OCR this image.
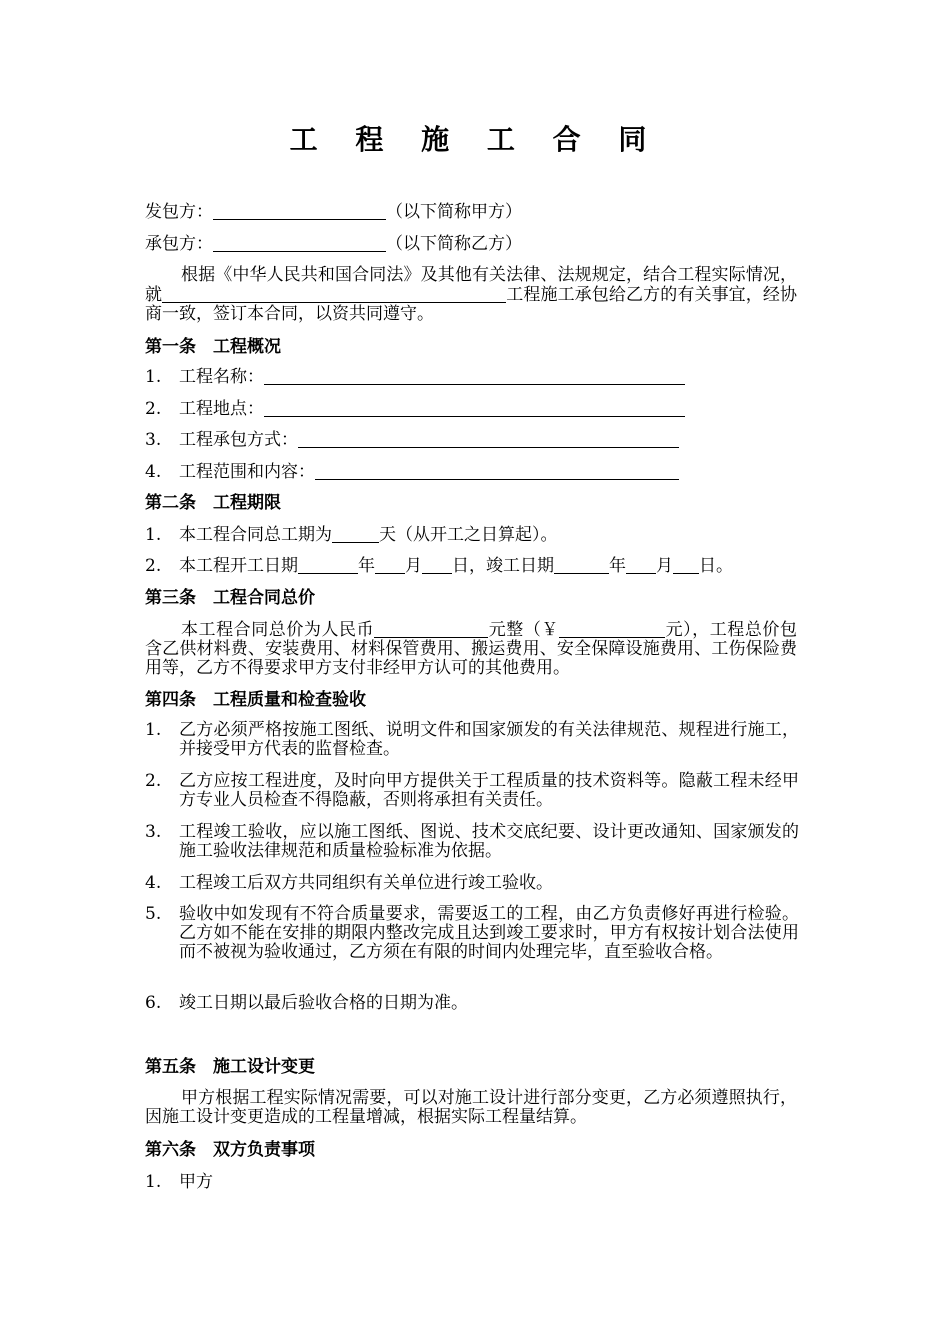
工 程 施 工 合 同
发包方：	（以下简称甲方）
承包方：	（以下简称乙方）
根据《中华人民共和国合同法》及其他有关法律、法规规定，结合工程实际情况，就	工程施工承包给乙方的有关事宜，经协商一致，签订本合同，以资共同遵守。
第一条　工程概况
1. 工程名称：
2. 工程地点：
3. 工程承包方式：
4. 工程范围和内容：
第二条　工程期限
1. 本工程合同总工期为	天（从开工之日算起）。
2. 本工程开工日期	年 月 日，竣工日期	年 月 日。
第三条　工程合同总价
本工程合同总价为人民币	元整（￥	元），工程总价包含乙供材料费、安装费用、材料保管费用、搬运费用、安全保障设施费用、工伤保险费用等，乙方不得要求甲方支付非经甲方认可的其他费用。
第四条　工程质量和检查验收
1. 乙方必须严格按施工图纸、说明文件和国家颁发的有关法律规范、规程进行施工，并接受甲方代表的监督检查。
2. 乙方应按工程进度，及时向甲方提供关于工程质量的技术资料等。隐蔽工程未经甲方专业人员检查不得隐蔽，否则将承担有关责任。
3. 工程竣工验收，应以施工图纸、图说、技术交底纪要、设计更改通知、国家颁发的施工验收法律规范和质量检验标准为依据。
4. 工程竣工后双方共同组织有关单位进行竣工验收。
5. 验收中如发现有不符合质量要求，需要返工的工程，由乙方负责修好再进行检验。乙方如不能在安排的期限内整改完成且达到竣工要求时，甲方有权按计划合法使用而不被视为验收通过，乙方须在有限的时间内处理完毕，直至验收合格。
6. 竣工日期以最后验收合格的日期为准。
第五条　施工设计变更
甲方根据工程实际情况需要，可以对施工设计进行部分变更，乙方必须遵照执行，因施工设计变更造成的工程量增减，根据实际工程量结算。
第六条　双方负责事项
1. 甲方
